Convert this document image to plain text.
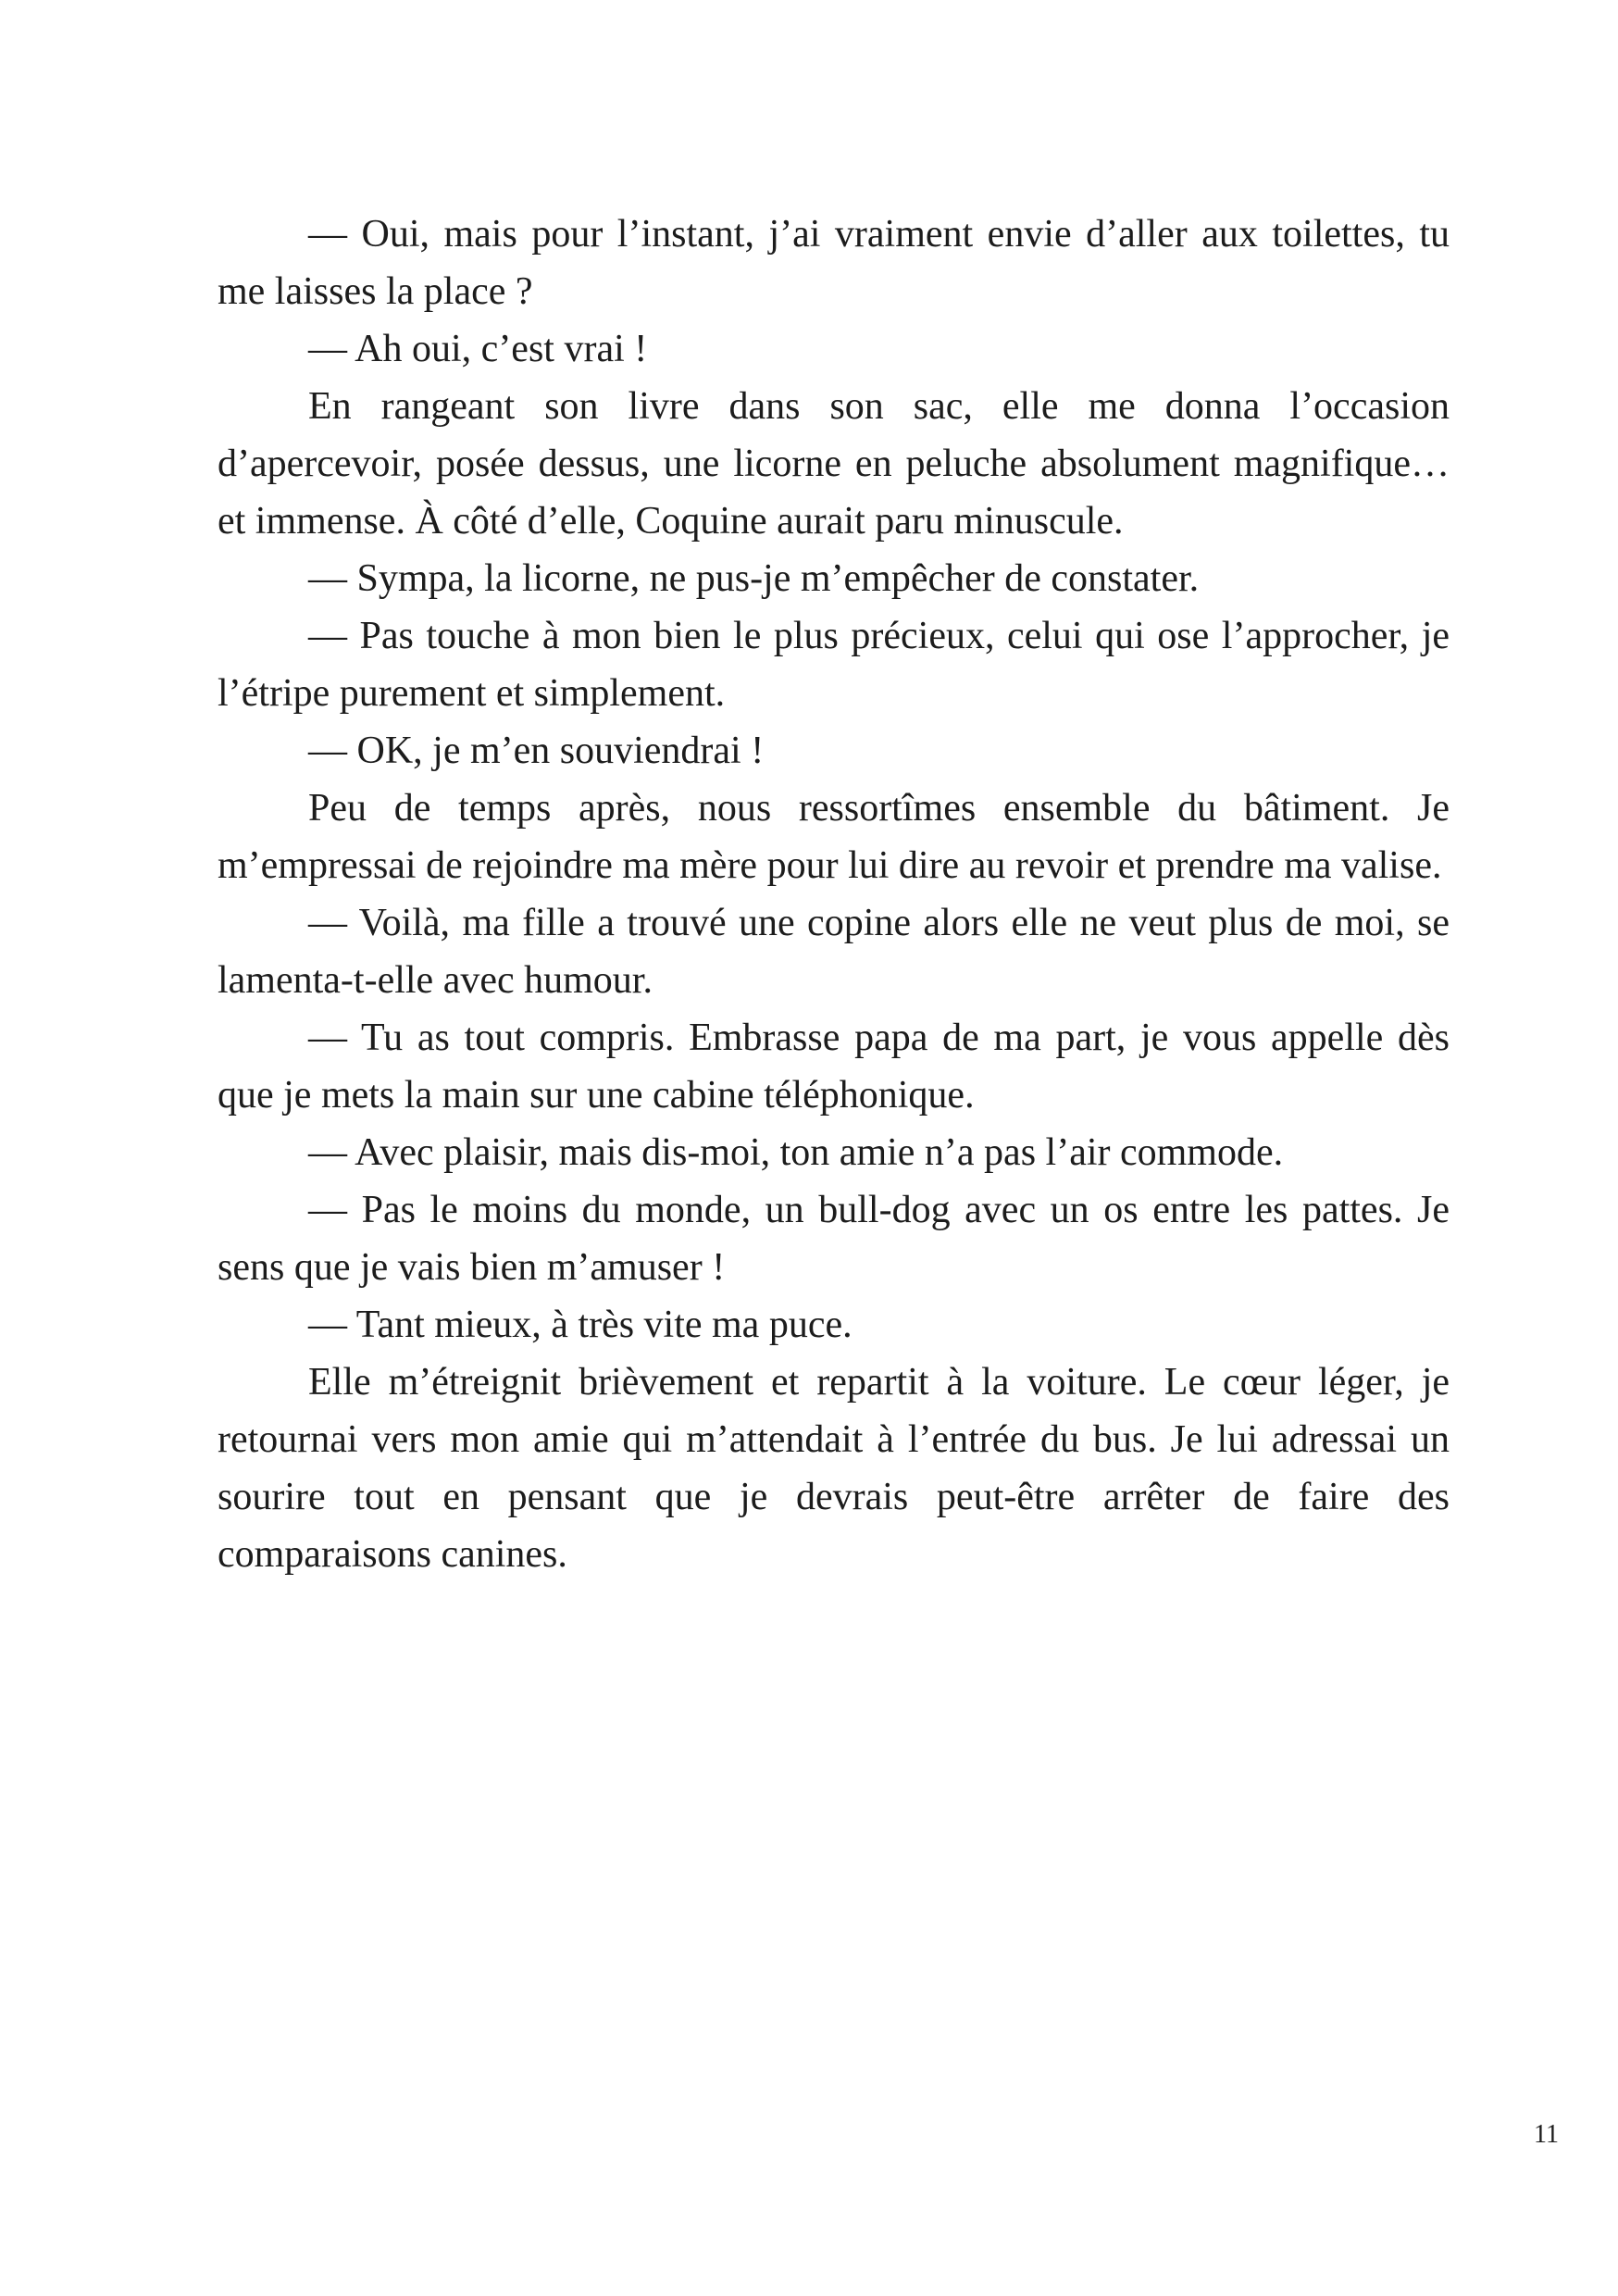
— Oui, mais pour l’instant, j’ai vraiment envie d’aller aux toilettes, tu me laisses la place ?

— Ah oui, c’est vrai !

En rangeant son livre dans son sac, elle me donna l’occasion d’apercevoir, posée dessus, une licorne en peluche absolument magnifique… et immense. À côté d’elle, Coquine aurait paru minuscule.

— Sympa, la licorne, ne pus-je m’empêcher de constater.

— Pas touche à mon bien le plus précieux, celui qui ose l’approcher, je l’étripe purement et simplement.

— OK, je m’en souviendrai !

Peu de temps après, nous ressortîmes ensemble du bâtiment. Je m’empressai de rejoindre ma mère pour lui dire au revoir et prendre ma valise.

— Voilà, ma fille a trouvé une copine alors elle ne veut plus de moi, se lamenta-t-elle avec humour.

— Tu as tout compris. Embrasse papa de ma part, je vous appelle dès que je mets la main sur une cabine téléphonique.

— Avec plaisir, mais dis-moi, ton amie n’a pas l’air commode.

— Pas le moins du monde, un bull-dog avec un os entre les pattes. Je sens que je vais bien m’amuser !

— Tant mieux, à très vite ma puce.

Elle m’étreignit brièvement et repartit à la voiture. Le cœur léger, je retournai vers mon amie qui m’attendait à l’entrée du bus. Je lui adressai un sourire tout en pensant que je devrais peut-être arrêter de faire des comparaisons canines.

11
